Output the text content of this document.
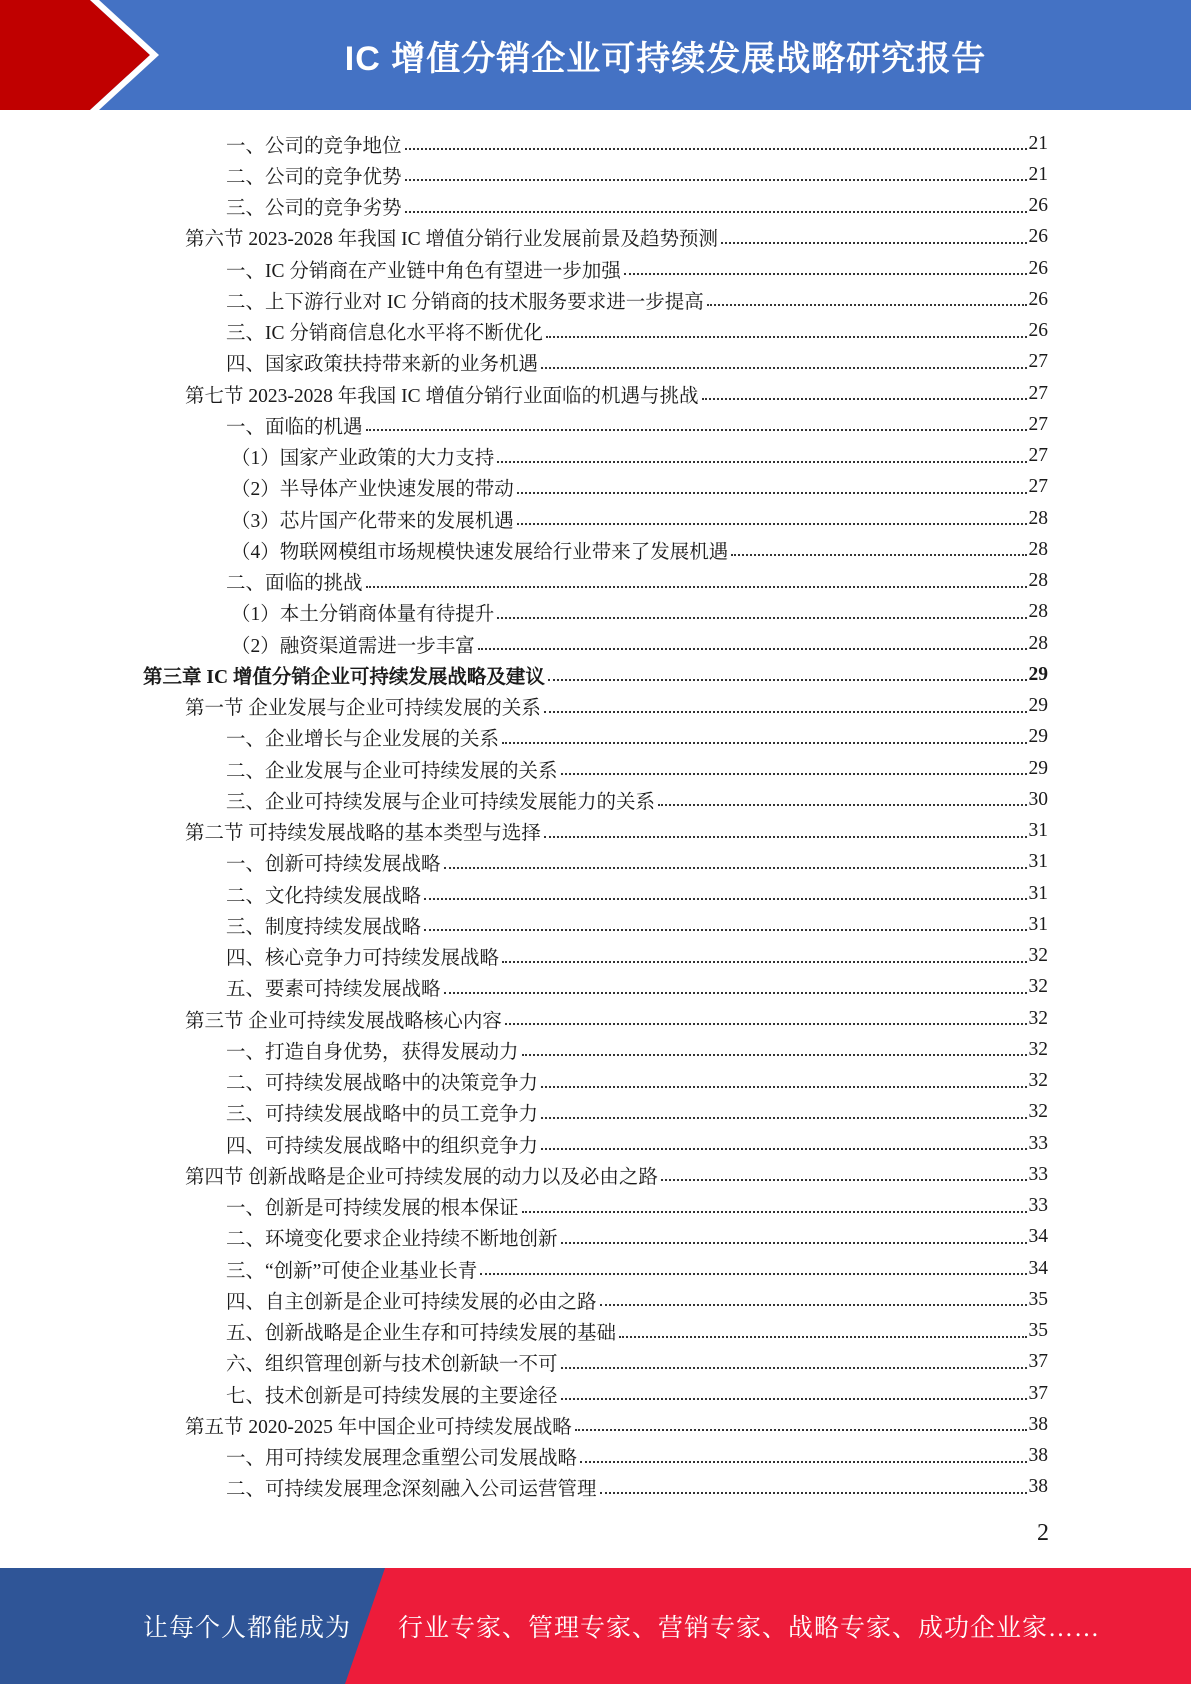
IC 增值分销企业可持续发展战略研究报告
一、公司的竞争地位	21
二、公司的竞争优势	21
三、公司的竞争劣势	26
第六节 2023-2028 年我国 IC 增值分销行业发展前景及趋势预测	26
一、IC 分销商在产业链中角色有望进一步加强	26
二、上下游行业对 IC 分销商的技术服务要求进一步提高	26
三、IC 分销商信息化水平将不断优化	26
四、国家政策扶持带来新的业务机遇	27
第七节 2023-2028 年我国 IC 增值分销行业面临的机遇与挑战	27
一、面临的机遇	27
（1）国家产业政策的大力支持	27
（2）半导体产业快速发展的带动	27
（3）芯片国产化带来的发展机遇	28
（4）物联网模组市场规模快速发展给行业带来了发展机遇	28
二、面临的挑战	28
（1）本土分销商体量有待提升	28
（2）融资渠道需进一步丰富	28
第三章 IC 增值分销企业可持续发展战略及建议	29
第一节 企业发展与企业可持续发展的关系	29
一、企业增长与企业发展的关系	29
二、企业发展与企业可持续发展的关系	29
三、企业可持续发展与企业可持续发展能力的关系	30
第二节 可持续发展战略的基本类型与选择	31
一、创新可持续发展战略	31
二、文化持续发展战略	31
三、制度持续发展战略	31
四、核心竞争力可持续发展战略	32
五、要素可持续发展战略	32
第三节 企业可持续发展战略核心内容	32
一、打造自身优势，获得发展动力	32
二、可持续发展战略中的决策竞争力	32
三、可持续发展战略中的员工竞争力	32
四、可持续发展战略中的组织竞争力	33
第四节 创新战略是企业可持续发展的动力以及必由之路	33
一、创新是可持续发展的根本保证	33
二、环境变化要求企业持续不断地创新	34
三、“创新”可使企业基业长青	34
四、自主创新是企业可持续发展的必由之路	35
五、创新战略是企业生存和可持续发展的基础	35
六、组织管理创新与技术创新缺一不可	37
七、技术创新是可持续发展的主要途径	37
第五节 2020-2025 年中国企业可持续发展战略	38
一、用可持续发展理念重塑公司发展战略	38
二、可持续发展理念深刻融入公司运营管理	38
2
让每个人都能成为 行业专家、管理专家、营销专家、战略专家、成功企业家……
